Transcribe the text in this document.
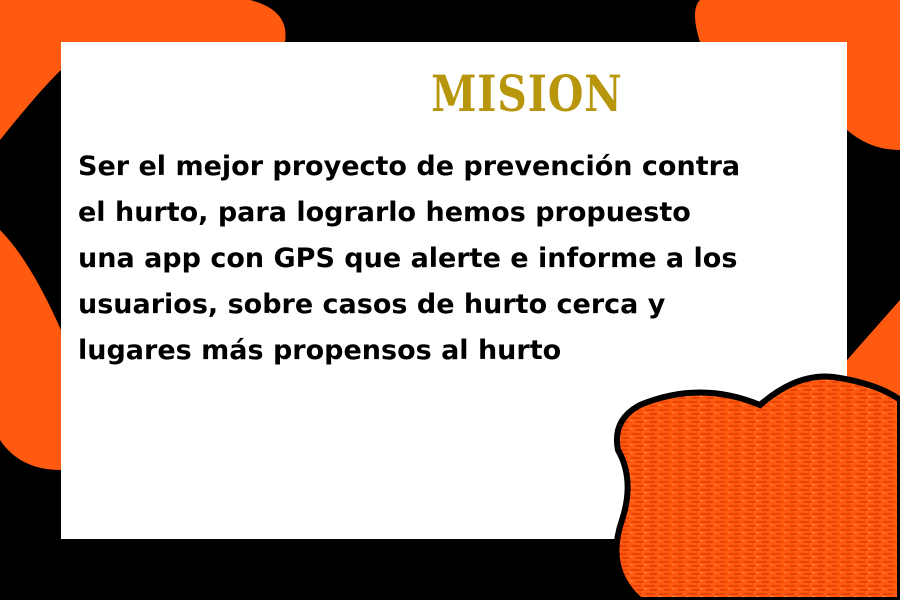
MISION

Ser el mejor proyecto de prevención contra
el hurto, para lograrlo hemos propuesto
una app con GPS que alerte e informe a los
usuarios, sobre casos de hurto cerca y
lugares más propensos al hurto
